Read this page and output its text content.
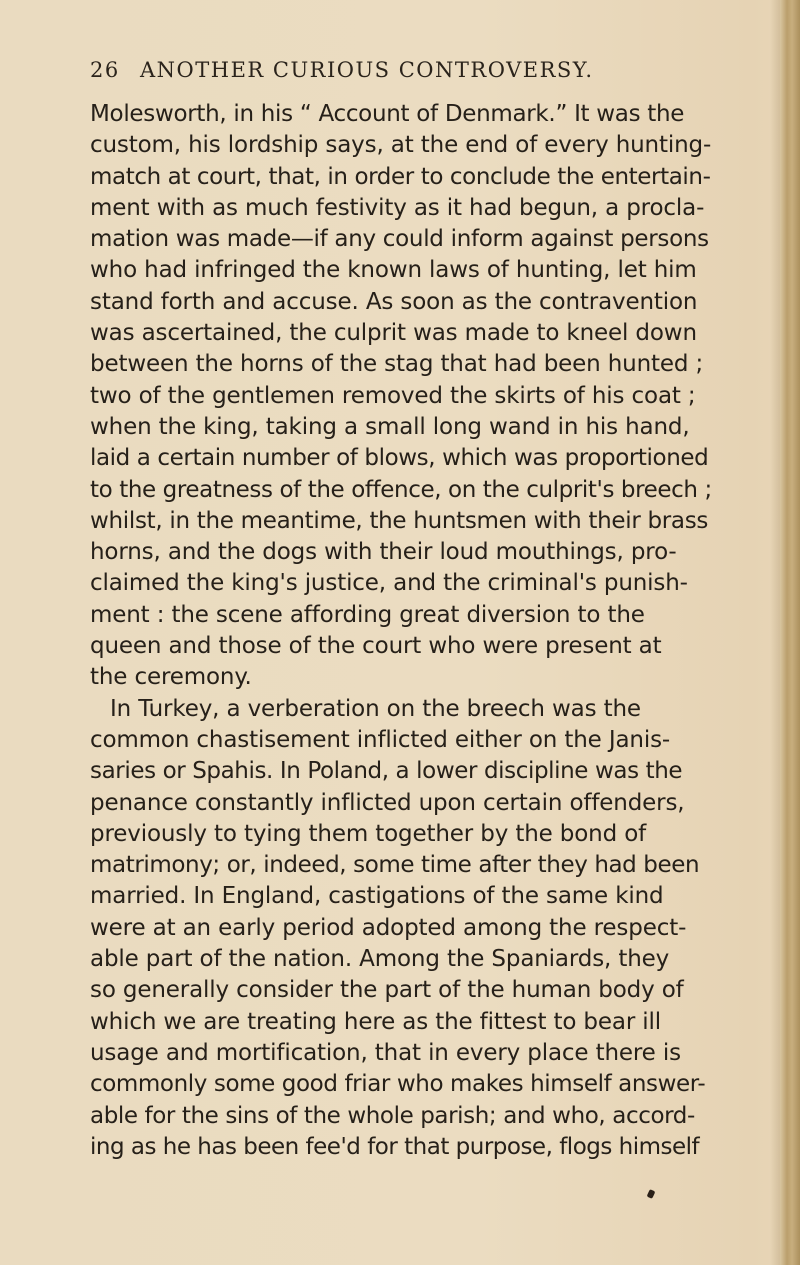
26 ANOTHER CURIOUS CONTROVERSY.
Molesworth, in his “ Account of Denmark.” It was the
custom, his lordship says, at the end of every hunting-
match at court, that, in order to conclude the entertain-
ment with as much festivity as it had begun, a procla-
mation was made—if any could inform against persons
who had infringed the known laws of hunting, let him
stand forth and accuse. As soon as the contravention
was ascertained, the culprit was made to kneel down
between the horns of the stag that had been hunted ;
two of the gentlemen removed the skirts of his coat ;
when the king, taking a small long wand in his hand,
laid a certain number of blows, which was proportioned
to the greatness of the offence, on the culprit's breech ;
whilst, in the meantime, the huntsmen with their brass
horns, and the dogs with their loud mouthings, pro-
claimed the king's justice, and the criminal's punish-
ment : the scene affording great diversion to the
queen and those of the court who were present at
the ceremony.
In Turkey, a verberation on the breech was the
common chastisement inflicted either on the Janis-
saries or Spahis. In Poland, a lower discipline was the
penance constantly inflicted upon certain offenders,
previously to tying them together by the bond of
matrimony; or, indeed, some time after they had been
married. In England, castigations of the same kind
were at an early period adopted among the respect-
able part of the nation. Among the Spaniards, they
so generally consider the part of the human body of
which we are treating here as the fittest to bear ill
usage and mortification, that in every place there is
commonly some good friar who makes himself answer-
able for the sins of the whole parish; and who, accord-
ing as he has been fee'd for that purpose, flogs himself
